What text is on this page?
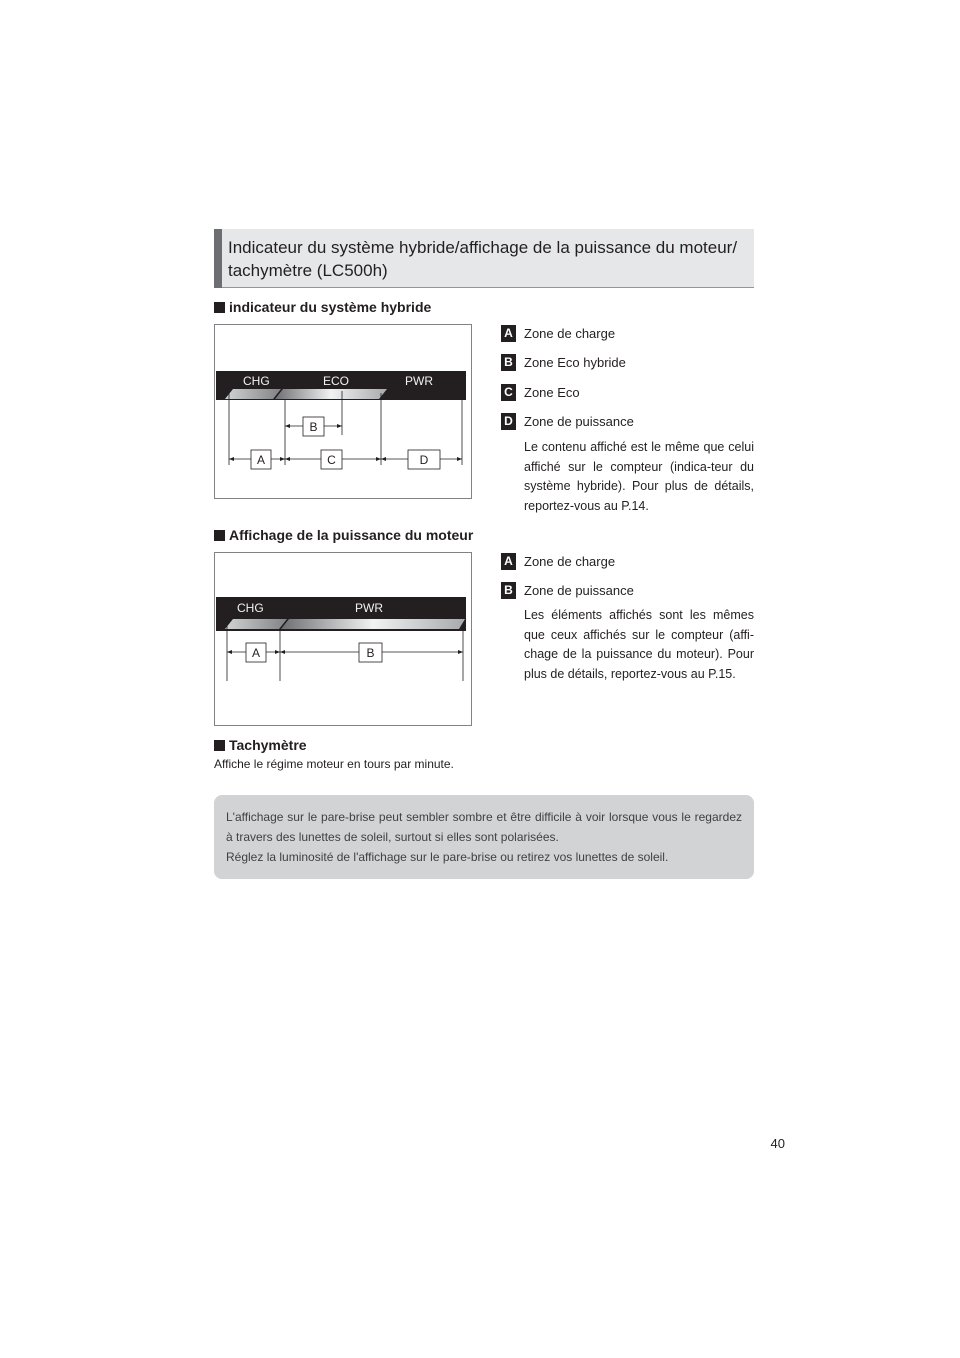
Indicateur du système hybride/affichage de la puissance du moteur/ tachymètre (LC500h)
indicateur du système hybride
CHG	ECO	PWR
B
A	C	D
A Zone de charge
B Zone Eco hybride
C Zone Eco
D Zone de puissance
Le contenu affiché est le même que celui affiché sur le compteur (indica-teur du système hybride). Pour plus de détails, reportez-vous au P.14.
Affichage de la puissance du moteur
CHG	PWR
A	B
A Zone de charge
B Zone de puissance
Les éléments affichés sont les mêmes que ceux affichés sur le compteur (affi-chage de la puissance du moteur). Pour plus de détails, reportez-vous au P.15.
Tachymètre
Affiche le régime moteur en tours par minute.
L'affichage sur le pare-brise peut sembler sombre et être difficile à voir lorsque vous le regardez à travers des lunettes de soleil, surtout si elles sont polarisées.
Réglez la luminosité de l'affichage sur le pare-brise ou retirez vos lunettes de soleil.
40
